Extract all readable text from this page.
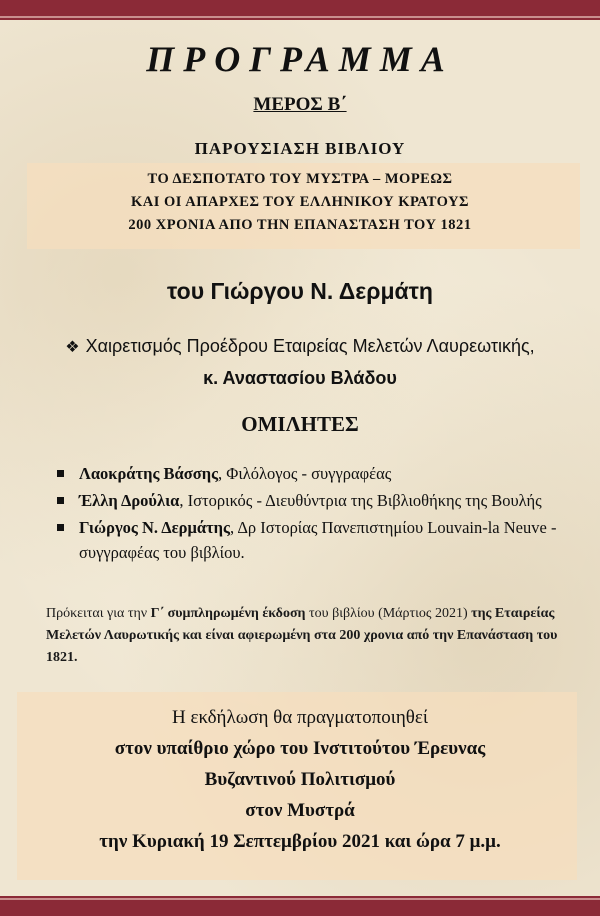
ΠΡΟΓΡΑΜΜΑ
ΜΕΡΟΣ Β΄
ΠΑΡΟΥΣΙΑΣΗ ΒΙΒΛΙΟΥ
ΤΟ ΔΕΣΠΟΤΑΤΟ ΤΟΥ ΜΥΣΤΡΑ – ΜΟΡΕΩΣ
ΚΑΙ ΟΙ ΑΠΑΡΧΕΣ ΤΟΥ ΕΛΛΗΝΙΚΟΥ ΚΡΑΤΟΥΣ
200 ΧΡΟΝΙΑ ΑΠΟ ΤΗΝ ΕΠΑΝΑΣΤΑΣΗ ΤΟΥ 1821
του Γιώργου Ν. Δερμάτη
❖ Χαιρετισμός Προέδρου Εταιρείας Μελετών Λαυρεωτικής,
κ. Αναστασίου Βλάδου
ΟΜΙΛΗΤΕΣ
Λαοκράτης Βάσσης, Φιλόλογος - συγγραφέας
Έλλη Δρούλια, Ιστορικός - Διευθύντρια της Βιβλιοθήκης της Βουλής
Γιώργος Ν. Δερμάτης, Δρ Ιστορίας Πανεπιστημίου Louvain-la Neuve - συγγραφέας του βιβλίου.
Πρόκειται για την Γ΄ συμπληρωμένη έκδοση του βιβλίου (Μάρτιος 2021) της Εταιρείας Μελετών Λαυρωτικής και είναι αφιερωμένη στα 200 χρονια από την Επανάσταση του 1821.
Η εκδήλωση θα πραγματοποιηθεί
στον υπαίθριο χώρο του Ινστιτούτου Έρευνας
Βυζαντινού Πολιτισμού
στον Μυστρά
την Κυριακή 19 Σεπτεμβρίου 2021 και ώρα 7 μ.μ.
